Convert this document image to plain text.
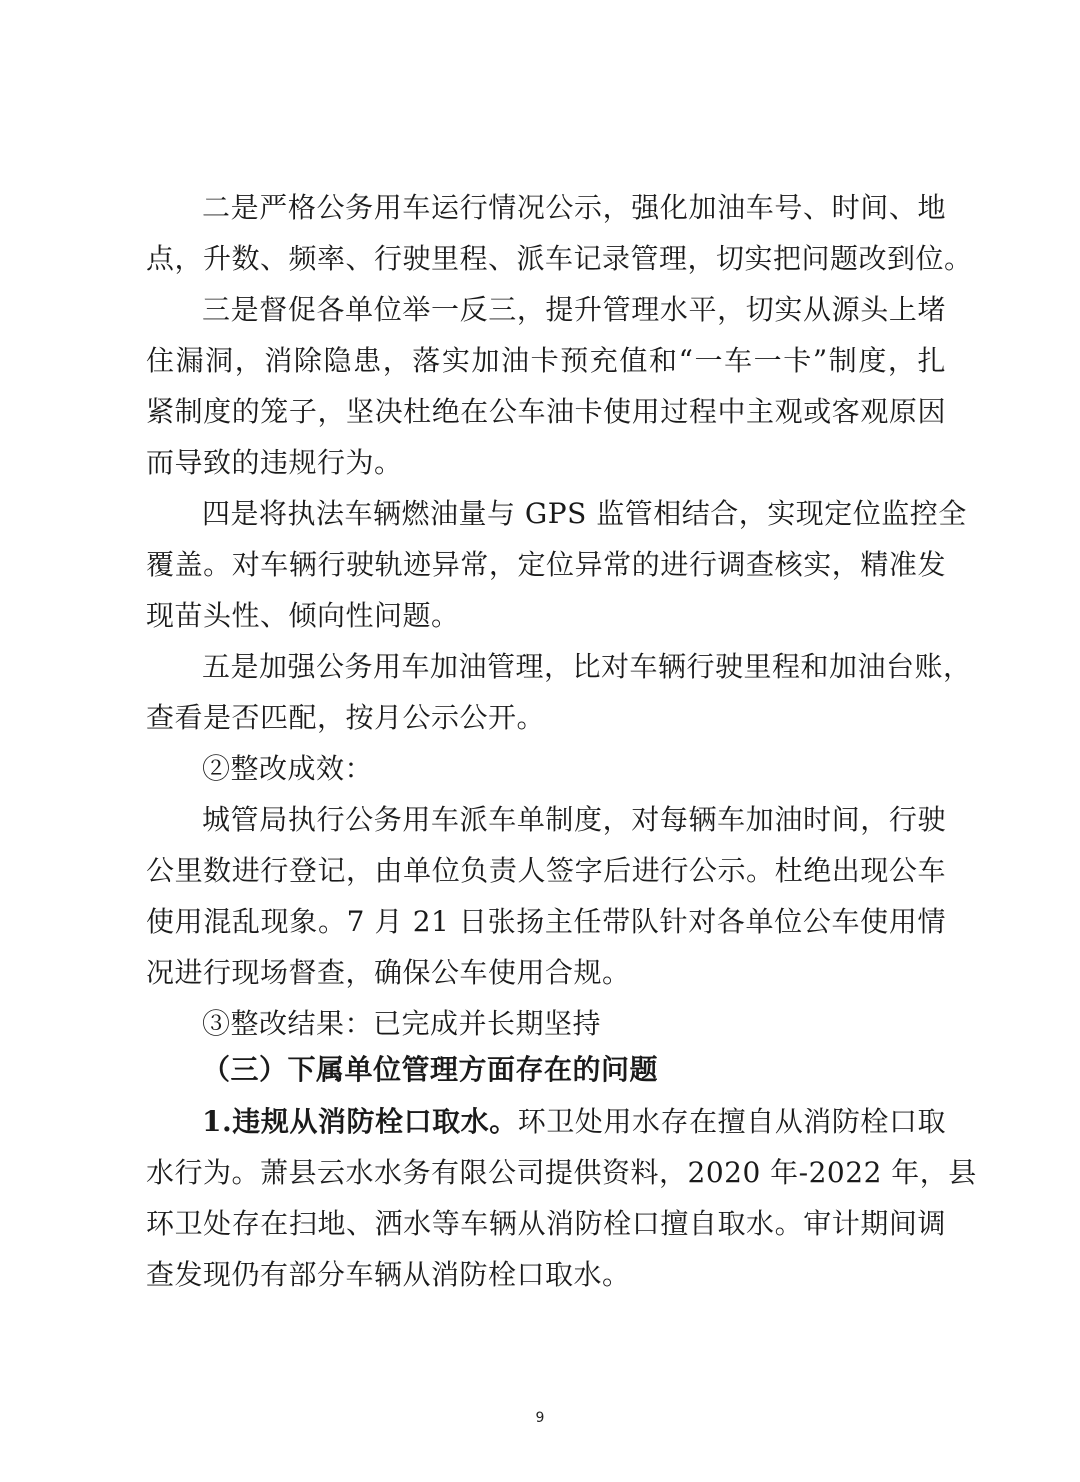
二是严格公务用车运行情况公示，强化加油车号、时间、地
点，升数、频率、行驶里程、派车记录管理，切实把问题改到位。
三是督促各单位举一反三，提升管理水平，切实从源头上堵
住漏洞，消除隐患，落实加油卡预充值和“一车一卡”制度，扎
紧制度的笼子，坚决杜绝在公车油卡使用过程中主观或客观原因
而导致的违规行为。
四是将执法车辆燃油量与 GPS 监管相结合，实现定位监控全
覆盖。对车辆行驶轨迹异常，定位异常的进行调查核实，精准发
现苗头性、倾向性问题。
五是加强公务用车加油管理，比对车辆行驶里程和加油台账，
查看是否匹配，按月公示公开。
②整改成效：
城管局执行公务用车派车单制度，对每辆车加油时间，行驶
公里数进行登记，由单位负责人签字后进行公示。杜绝出现公车
使用混乱现象。7 月 21 日张扬主任带队针对各单位公车使用情
况进行现场督查，确保公车使用合规。
③整改结果：已完成并长期坚持
（三）下属单位管理方面存在的问题
1.违规从消防栓口取水。环卫处用水存在擅自从消防栓口取
水行为。萧县云水水务有限公司提供资料，2020 年-2022 年，县
环卫处存在扫地、洒水等车辆从消防栓口擅自取水。审计期间调
查发现仍有部分车辆从消防栓口取水。
9
